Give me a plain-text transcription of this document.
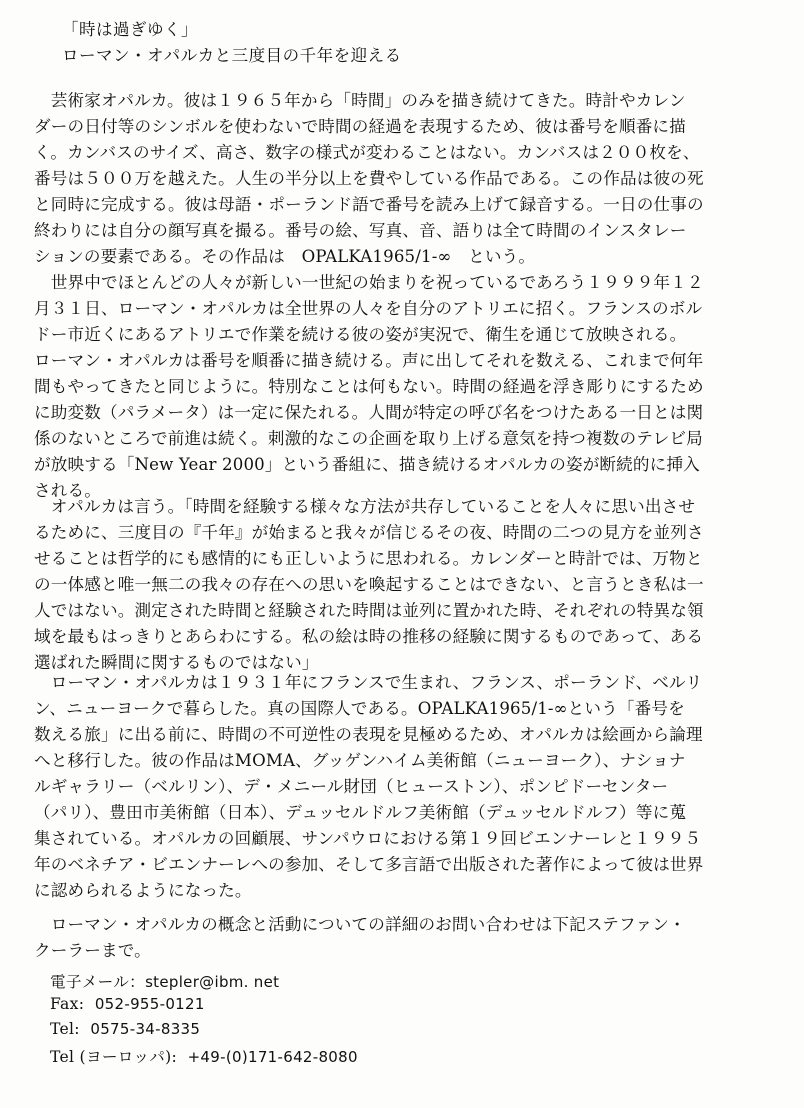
「時は過ぎゆく」
ローマン・オパルカと三度目の千年を迎える
　芸術家オパルカ。彼は１９６５年から「時間」のみを描き続けてきた。時計やカレン
ダーの日付等のシンボルを使わないで時間の経過を表現するため、彼は番号を順番に描
く。カンバスのサイズ、高さ、数字の様式が変わることはない。カンバスは２００枚を、
番号は５００万を越えた。人生の半分以上を費やしている作品である。この作品は彼の死
と同時に完成する。彼は母語・ポーランド語で番号を読み上げて録音する。一日の仕事の
終わりには自分の顔写真を撮る。番号の絵、写真、音、語りは全て時間のインスタレー
ションの要素である。その作品は　OPALKA1965/1-∞　という。
　世界中でほとんどの人々が新しい一世紀の始まりを祝っているであろう１９９９年１２
月３１日、ローマン・オパルカは全世界の人々を自分のアトリエに招く。フランスのボル
ドー市近くにあるアトリエで作業を続ける彼の姿が実況で、衛生を通じて放映される。
ローマン・オパルカは番号を順番に描き続ける。声に出してそれを数える、これまで何年
間もやってきたと同じように。特別なことは何もない。時間の経過を浮き彫りにするため
に助変数（パラメータ）は一定に保たれる。人間が特定の呼び名をつけたある一日とは関
係のないところで前進は続く。刺激的なこの企画を取り上げる意気を持つ複数のテレビ局
が放映する「New Year 2000」という番組に、描き続けるオパルカの姿が断続的に挿入
される。
　オパルカは言う。「時間を経験する様々な方法が共存していることを人々に思い出させ
るために、三度目の『千年』が始まると我々が信じるその夜、時間の二つの見方を並列さ
せることは哲学的にも感情的にも正しいように思われる。カレンダーと時計では、万物と
の一体感と唯一無二の我々の存在への思いを喚起することはできない、と言うとき私は一
人ではない。測定された時間と経験された時間は並列に置かれた時、それぞれの特異な領
域を最もはっきりとあらわにする。私の絵は時の推移の経験に関するものであって、ある
選ばれた瞬間に関するものではない」
　ローマン・オパルカは１９３１年にフランスで生まれ、フランス、ポーランド、ベルリ
ン、ニューヨークで暮らした。真の国際人である。OPALKA1965/1-∞という「番号を
数える旅」に出る前に、時間の不可逆性の表現を見極めるため、オパルカは絵画から論理
へと移行した。彼の作品はMOMA、グッゲンハイム美術館（ニューヨーク）、ナショナ
ルギャラリー（ベルリン）、デ・メニール財団（ヒューストン）、ポンピドーセンター
（パリ）、豊田市美術館（日本）、デュッセルドルフ美術館（デュッセルドルフ）等に蒐
集されている。オパルカの回顧展、サンパウロにおける第１９回ビエンナーレと１９９５
年のベネチア・ビエンナーレへの参加、そして多言語で出版された著作によって彼は世界
に認められるようになった。
　ローマン・オパルカの概念と活動についての詳細のお問い合わせは下記ステファン・
クーラーまで。
電子メール：stepler@ibm. net
Fax: 052-955-0121
Tel: 0575-34-8335
Tel (ヨーロッパ): +49-(0)171-642-8080
